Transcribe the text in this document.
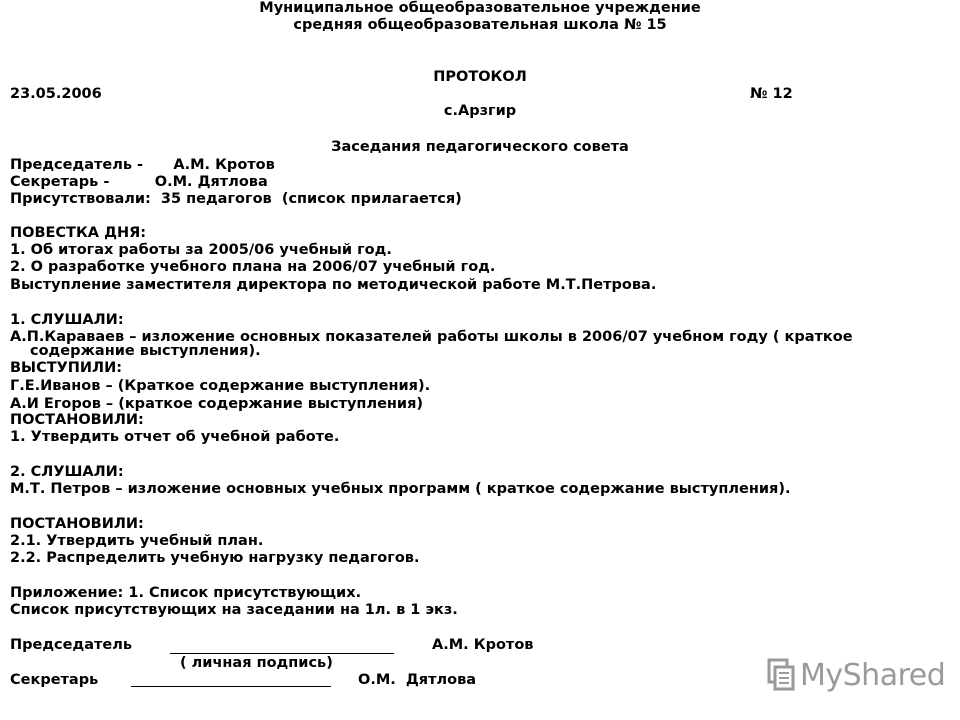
Муниципальное общеобразовательное учреждение
средняя общеобразовательная школа № 15
ПРОТОКОЛ
23.05.2006	№ 12
с.Арзгир
Заседания педагогического совета
Председатель -      А.М. Кротов
Секретарь -         О.М. Дятлова
Присутствовали:  35 педагогов  (список прилагается)
ПОВЕСТКА ДНЯ:
1. Об итогах работы за 2005/06 учебный год.
2. О разработке учебного плана на 2006/07 учебный год.
Выступление заместителя директора по методической работе М.Т.Петрова.
1. СЛУШАЛИ:
А.П.Караваев – изложение основных показателей работы школы в 2006/07 учебном году ( краткое
содержание выступления).
ВЫСТУПИЛИ:
Г.Е.Иванов – (Краткое содержание выступления).
А.И Егоров – (краткое содержание выступления)
ПОСТАНОВИЛИ:
1. Утвердить отчет об учебной работе.
2. СЛУШАЛИ:
М.Т. Петров – изложение основных учебных программ ( краткое содержание выступления).
ПОСТАНОВИЛИ:
2.1. Утвердить учебный план.
2.2. Распределить учебную нагрузку педагогов.
Приложение: 1. Список присутствующих.
Список присутствующих на заседании на 1л. в 1 экз.
Председатель	А.М. Кротов
( личная подпись)
Секретарь	О.М.  Дятлова	MyShared
